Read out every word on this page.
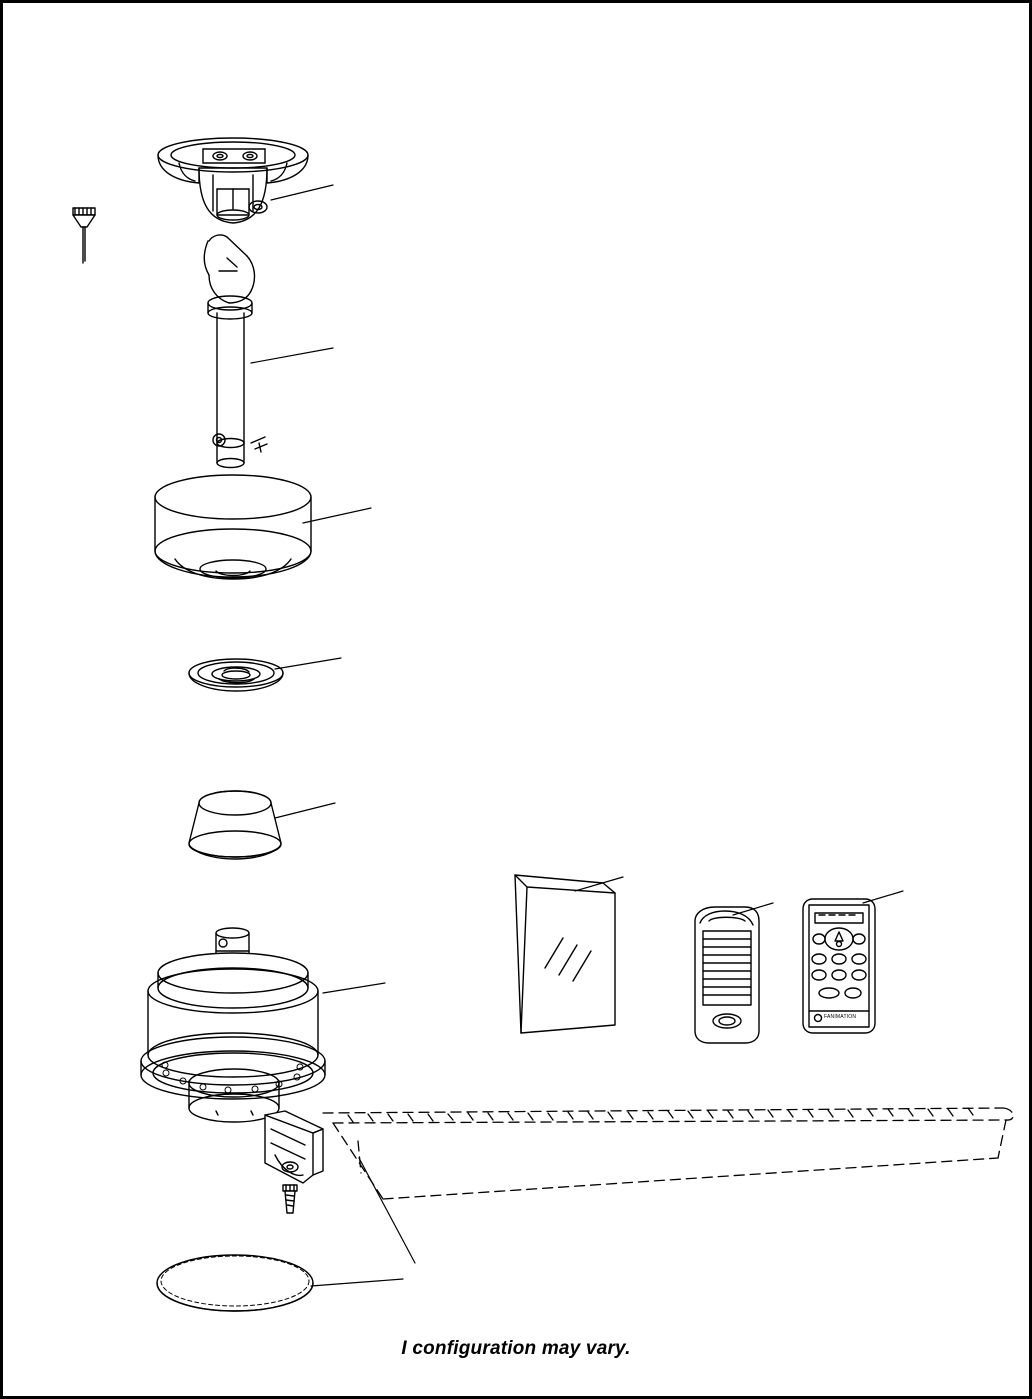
FANIMATION
I configuration may vary.
